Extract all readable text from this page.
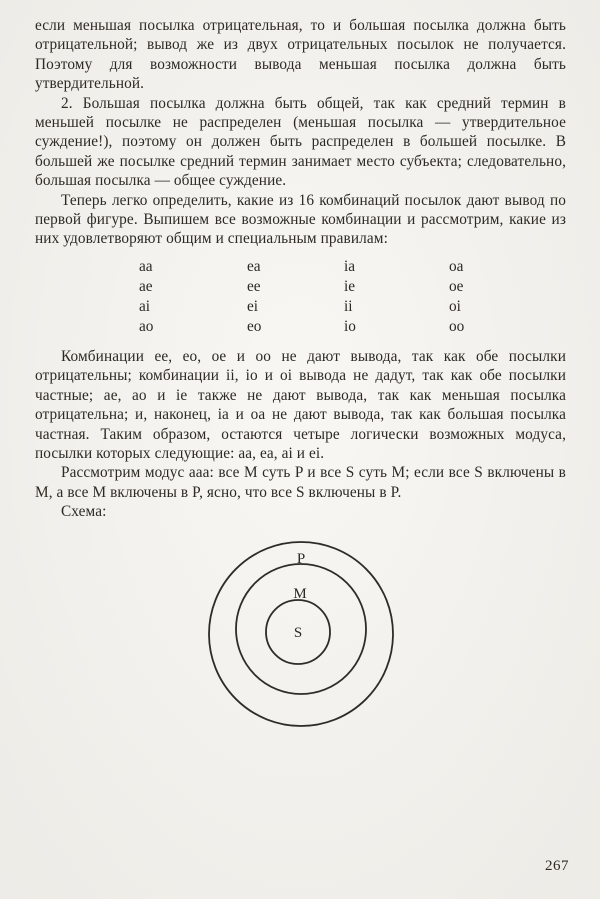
если меньшая посылка отрицательная, то и большая посылка должна быть отрицательной; вывод же из двух отрицательных посылок не получается. Поэтому для возможности вывода меньшая посылка должна быть утвердительной.

2. Большая посылка должна быть общей, так как средний термин в меньшей посылке не распределен (меньшая посылка — утвердительное суждение!), поэтому он должен быть распределен в большей посылке. В большей же посылке средний термин занимает место субъекта; следовательно, большая посылка — общее суждение.

Теперь легко определить, какие из 16 комбинаций посылок дают вывод по первой фигуре. Выпишем все возможные комбинации и рассмотрим, какие из них удовлетворяют общим и специальным правилам:

aa	ea	ia	oa
ae	ee	ie	oe
ai	ei	ii	oi
ao	eo	io	oo

Комбинации ee, eo, oe и oo не дают вывода, так как обе посылки отрицательны; комбинации ii, io и oi вывода не дадут, так как обе посылки частные; ae, ao и ie также не дают вывода, так как меньшая посылка отрицательна; и, наконец, ia и oa не дают вывода, так как большая посылка частная. Таким образом, остаются четыре логически возможных модуса, посылки которых следующие: aa, ea, ai и ei.

Рассмотрим модус aaa: все M суть P и все S суть M; если все S включены в M, а все M включены в P, ясно, что все S включены в P.

Схема:

P
M
S
267
